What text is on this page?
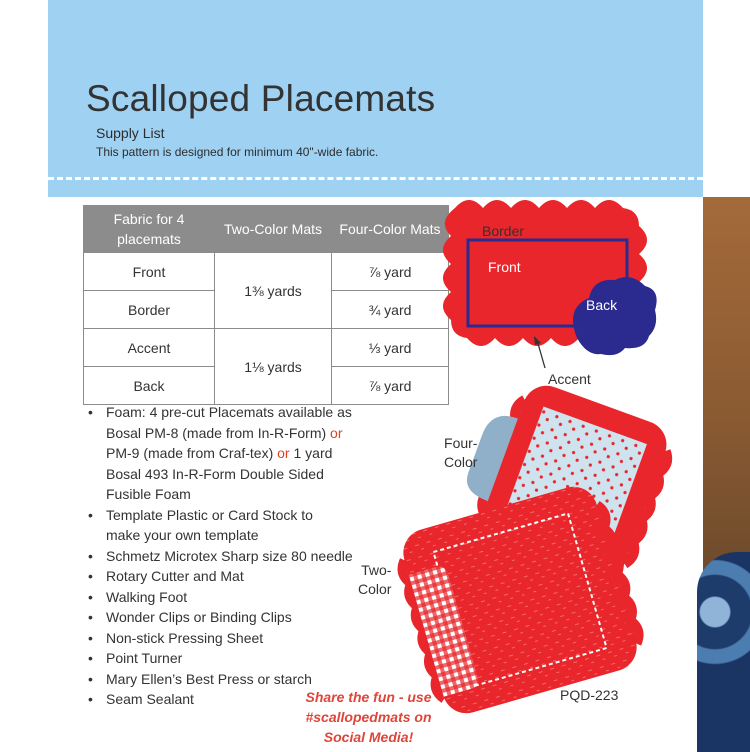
Scalloped Placemats
Supply List
This pattern is designed for minimum 40"-wide fabric.
Fabric for 4 placemats	Two-Color Mats	Four-Color Mats
Front	1⅜ yards	⅞ yard
Border		¾ yard
Accent	1⅛ yards	⅓ yard
Back		⅞ yard
• Foam: 4 pre-cut Placemats available as
Bosal PM-8 (made from In-R-Form) or
PM-9 (made from Craf-tex) or 1 yard
Bosal 493 In-R-Form Double Sided
Fusible Foam
• Template Plastic or Card Stock to
make your own template
• Schmetz Microtex Sharp size 80 needle
• Rotary Cutter and Mat
• Walking Foot
• Wonder Clips or Binding Clips
• Non-stick Pressing Sheet
• Point Turner
• Mary Ellen’s Best Press or starch
• Seam Sealant
Border
Front
Back
Accent
Four-
Color
Two-
Color
Share the fun - use
#scallopedmats on
Social Media!
PQD-223
